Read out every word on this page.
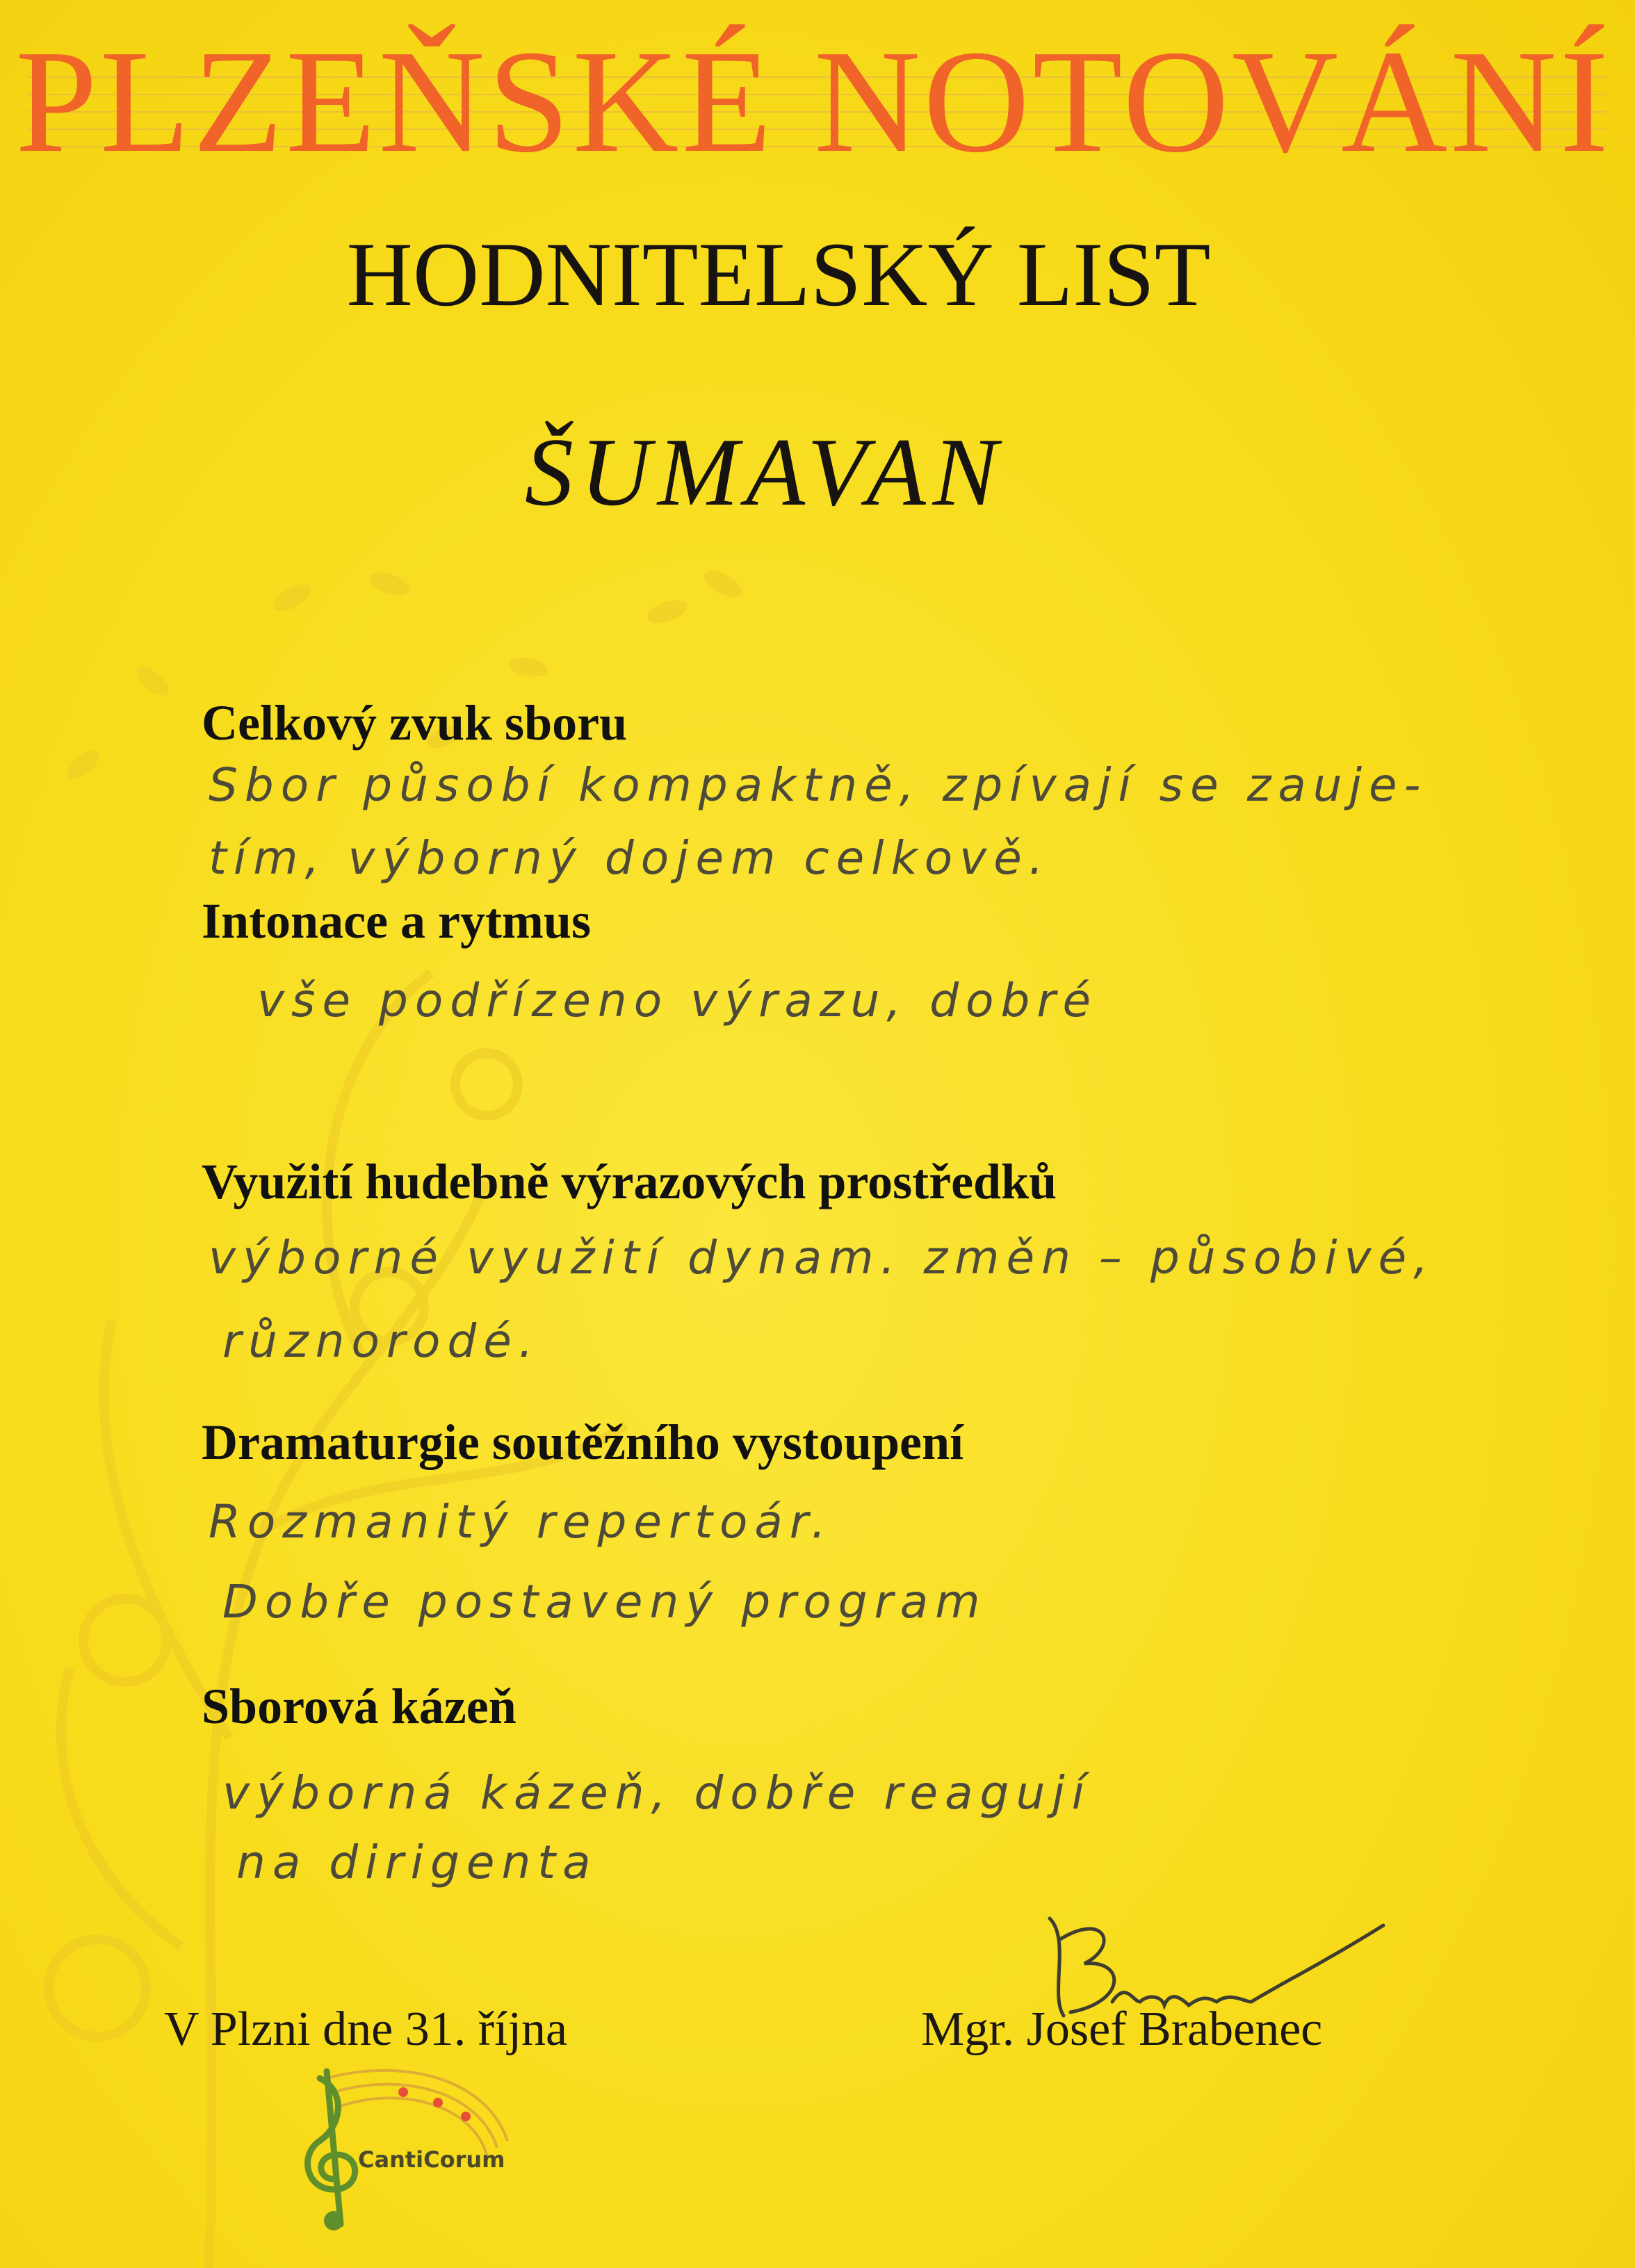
PLZEŇSKÉ NOTOVÁNÍ
HODNITELSKÝ LIST
ŠUMAVAN
Celkový zvuk sboru
Sbor působí kompaktně, zpívají se zauje-
tím, výborný dojem celkově.
Intonace a rytmus
vše podřízeno výrazu, dobré
Využití hudebně výrazových prostředků
výborné využití dynam. změn – působivé,
různorodé.
Dramaturgie soutěžního vystoupení
Rozmanitý repertoár.
Dobře postavený program
Sborová kázeň
výborná kázeň, dobře reagují
na dirigenta
V Plzni dne 31. října	Mgr. Josef Brabenec
CantiCorum
